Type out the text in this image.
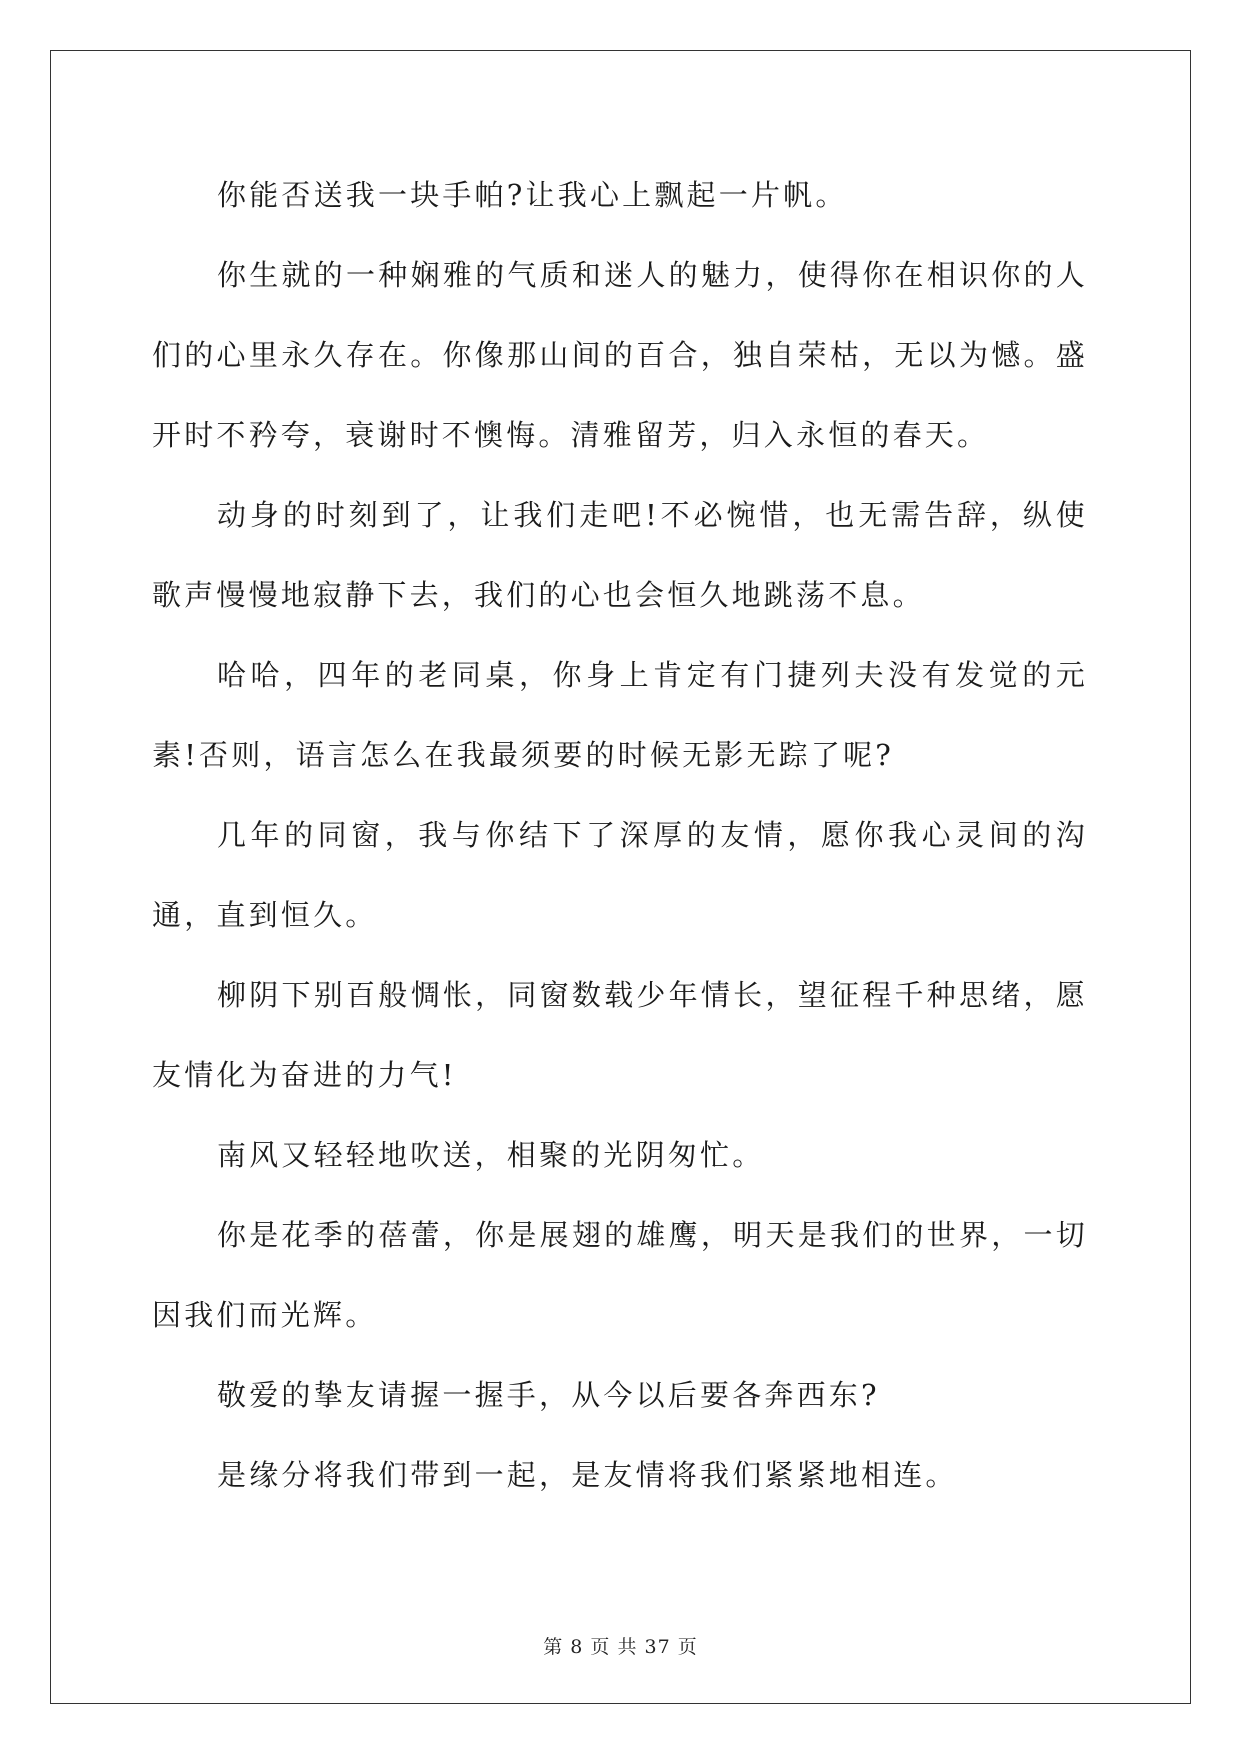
你能否送我一块手帕?让我心上飘起一片帆。

你生就的一种娴雅的气质和迷人的魅力，使得你在相识你的人们的心里永久存在。你像那山间的百合，独自荣枯，无以为憾。盛开时不矜夸，衰谢时不懊悔。清雅留芳，归入永恒的春天。

动身的时刻到了，让我们走吧!不必惋惜，也无需告辞，纵使歌声慢慢地寂静下去，我们的心也会恒久地跳荡不息。

哈哈，四年的老同桌，你身上肯定有门捷列夫没有发觉的元素!否则，语言怎么在我最须要的时候无影无踪了呢?

几年的同窗，我与你结下了深厚的友情，愿你我心灵间的沟通，直到恒久。

柳阴下别百般惆怅，同窗数载少年情长，望征程千种思绪，愿友情化为奋进的力气!

南风又轻轻地吹送，相聚的光阴匆忙。

你是花季的蓓蕾，你是展翅的雄鹰，明天是我们的世界，一切因我们而光辉。

敬爱的挚友请握一握手，从今以后要各奔西东?

是缘分将我们带到一起，是友情将我们紧紧地相连。

第 8 页 共 37 页
